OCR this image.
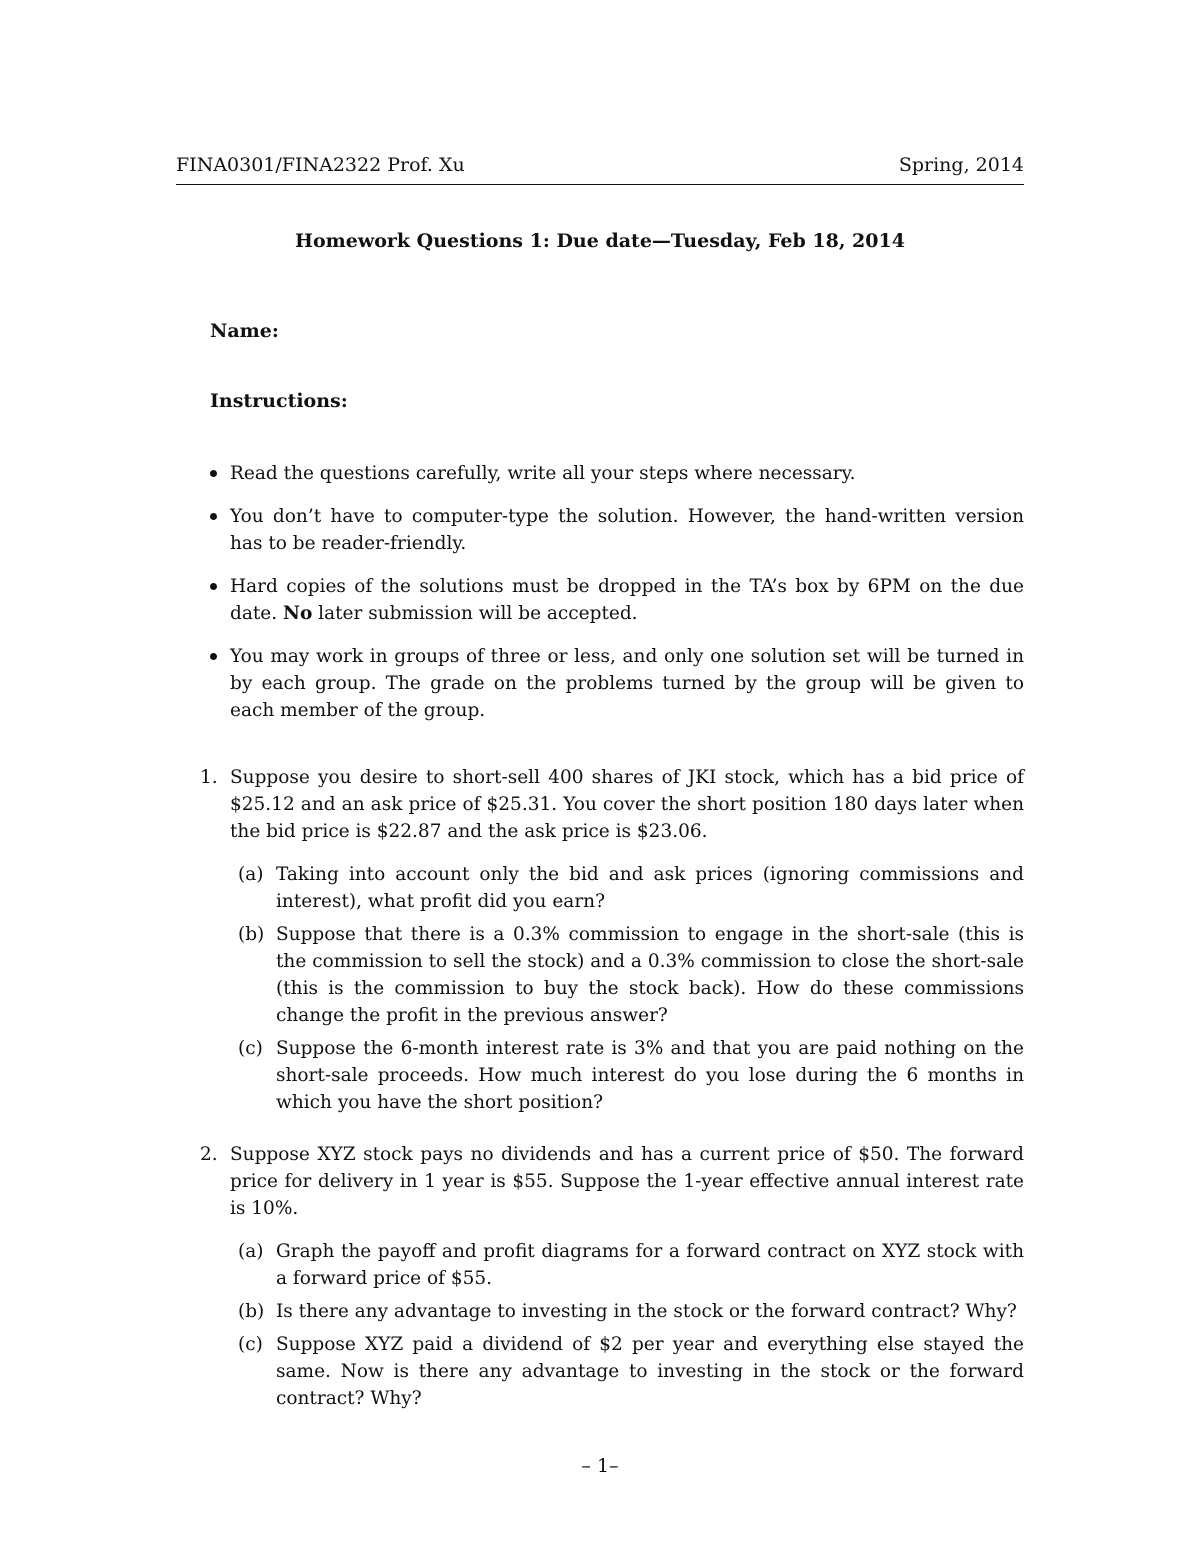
FINA0301/FINA2322 Prof. Xu	Spring, 2014
Homework Questions 1: Due date—Tuesday, Feb 18, 2014
Name:
Instructions:
Read the questions carefully, write all your steps where necessary.
You don’t have to computer-type the solution. However, the hand-written version has to be reader-friendly.
Hard copies of the solutions must be dropped in the TA’s box by 6PM on the due date. No later submission will be accepted.
You may work in groups of three or less, and only one solution set will be turned in by each group. The grade on the problems turned by the group will be given to each member of the group.
1. Suppose you desire to short-sell 400 shares of JKI stock, which has a bid price of $25.12 and an ask price of $25.31. You cover the short position 180 days later when the bid price is $22.87 and the ask price is $23.06.
(a) Taking into account only the bid and ask prices (ignoring commissions and interest), what profit did you earn?
(b) Suppose that there is a 0.3% commission to engage in the short-sale (this is the commission to sell the stock) and a 0.3% commission to close the short-sale (this is the commission to buy the stock back). How do these commissions change the profit in the previous answer?
(c) Suppose the 6-month interest rate is 3% and that you are paid nothing on the short-sale proceeds. How much interest do you lose during the 6 months in which you have the short position?
2. Suppose XYZ stock pays no dividends and has a current price of $50. The forward price for delivery in 1 year is $55. Suppose the 1-year effective annual interest rate is 10%.
(a) Graph the payoff and profit diagrams for a forward contract on XYZ stock with a forward price of $55.
(b) Is there any advantage to investing in the stock or the forward contract? Why?
(c) Suppose XYZ paid a dividend of $2 per year and everything else stayed the same. Now is there any advantage to investing in the stock or the forward contract? Why?
– 1–
